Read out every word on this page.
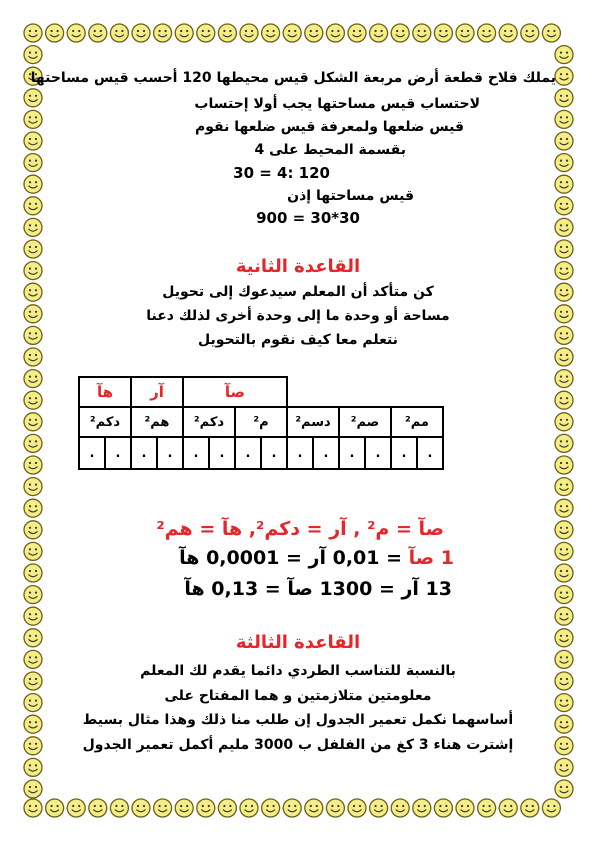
يملك فلاح قطعة أرض مربعة الشكل قيس محيطها 120 أحسب قيس مساحتها
لاحتساب قيس مساحتها يجب أولا إحتساب
قيس ضلعها ولمعرفة قيس ضلعها نقوم
بقسمة المحيط على 4
30 = 4: 120
قيس مساحتها إذن
900 = 30*30
القاعدة الثانية
كن متأكد أن المعلم سيدعوك إلى تحويل
مساحة أو وحدة ما إلى وحدة أخرى لذلك دعنا
نتعلم معا كيف نقوم بالتحويل
						صآ				آر		هآ		
مم²		صم²		دسم²		م²		دكم²		هم²		دكم²		
.	.	.	.	.	.	.	.	.	.	.	.	.	.	
صآ = م² , آر = دكم², هآ = هم²
1 صآ = 0,01 آر = 0,0001 هآ
13 آر = 1300 صآ = 0,13 هآ
القاعدة الثالثة
بالنسبة للتناسب الطردي دائما يقدم لك المعلم
معلومتين متلازمتين و هما المفتاح على
أساسهما نكمل تعمير الجدول إن طلب منا ذلك وهذا مثال بسيط
إشترت هناء 3 كغ من الفلفل ب 3000 مليم أكمل تعمير الجدول
